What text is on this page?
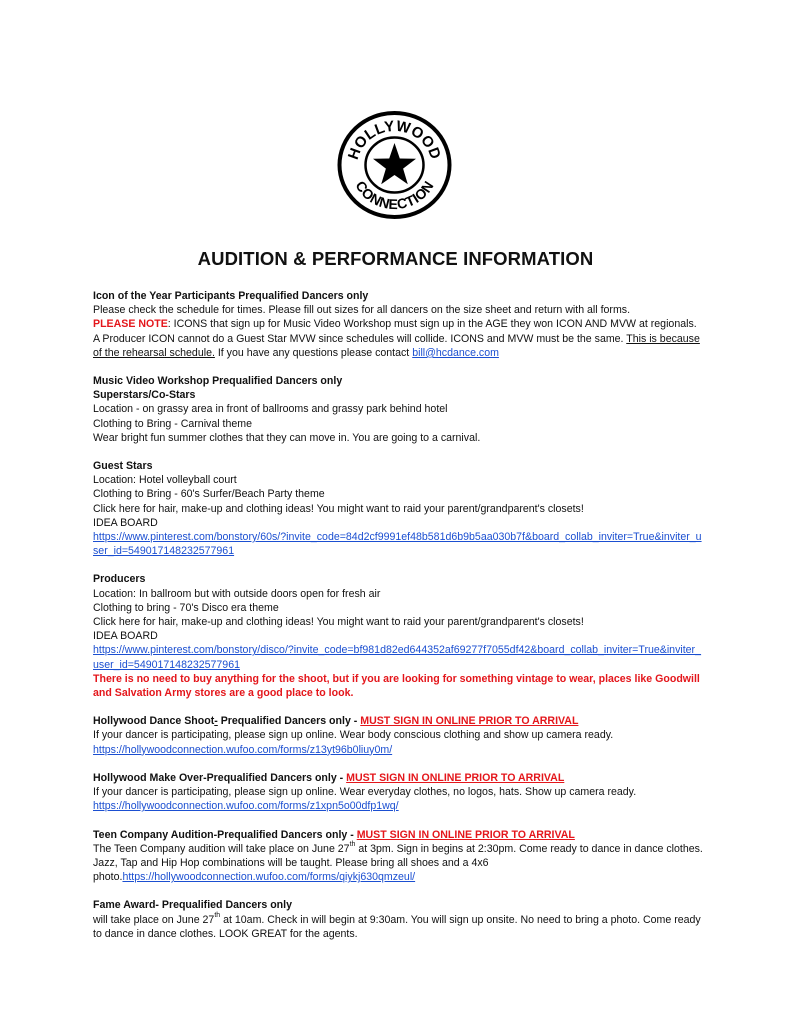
HOLLYWOOD
CONNECTION
AUDITION & PERFORMANCE INFORMATION

Icon of the Year Participants Prequalified Dancers only

Please check the schedule for times. Please fill out sizes for all dancers on the size sheet and return with all forms.

PLEASE NOTE: ICONS that sign up for Music Video Workshop must sign up in the AGE they won ICON AND MVW at regionals. A Producer ICON cannot do a Guest Star MVW since schedules will collide. ICONS and MVW must be the same. This is because of the rehearsal schedule. If you have any questions please contact bill@hcdance.com

Music Video Workshop Prequalified Dancers only

Superstars/Co-Stars

Location - on grassy area in front of ballrooms and grassy park behind hotel

Clothing to Bring - Carnival theme

Wear bright fun summer clothes that they can move in. You are going to a carnival.

Guest Stars

Location: Hotel volleyball court

Clothing to Bring - 60's Surfer/Beach Party theme

Click here for hair, make-up and clothing ideas! You might want to raid your parent/grandparent's closets!

IDEA BOARD

https://www.pinterest.com/bonstory/60s/?invite_code=84d2cf9991ef48b581d6b9b5aa030b7f&board_collab_inviter=True&inviter_user_id=549017148232577961

Producers

Location: In ballroom but with outside doors open for fresh air

Clothing to bring - 70's Disco era theme

Click here for hair, make-up and clothing ideas! You might want to raid your parent/grandparent's closets!

IDEA BOARD

https://www.pinterest.com/bonstory/disco/?invite_code=bf981d82ed644352af69277f7055df42&board_collab_inviter=True&inviter_user_id=549017148232577961

There is no need to buy anything for the shoot, but if you are looking for something vintage to wear, places like Goodwill and Salvation Army stores are a good place to look.

Hollywood Dance Shoot- Prequalified Dancers only - MUST SIGN IN ONLINE PRIOR TO ARRIVAL

If your dancer is participating, please sign up online. Wear body conscious clothing and show up camera ready.

https://hollywoodconnection.wufoo.com/forms/z13yt96b0liuy0m/

Hollywood Make Over-Prequalified Dancers only - MUST SIGN IN ONLINE PRIOR TO ARRIVAL

If your dancer is participating, please sign up online. Wear everyday clothes, no logos, hats. Show up camera ready.

https://hollywoodconnection.wufoo.com/forms/z1xpn5o00dfp1wq/

Teen Company Audition-Prequalified Dancers only - MUST SIGN IN ONLINE PRIOR TO ARRIVAL

The Teen Company audition will take place on June 27th at 3pm. Sign in begins at 2:30pm. Come ready to dance in dance clothes. Jazz, Tap and Hip Hop combinations will be taught. Please bring all shoes and a 4x6 photo.https://hollywoodconnection.wufoo.com/forms/qiykj630qmzeul/

Fame Award- Prequalified Dancers only

will take place on June 27th at 10am. Check in will begin at 9:30am. You will sign up onsite. No need to bring a photo. Come ready to dance in dance clothes. LOOK GREAT for the agents.
